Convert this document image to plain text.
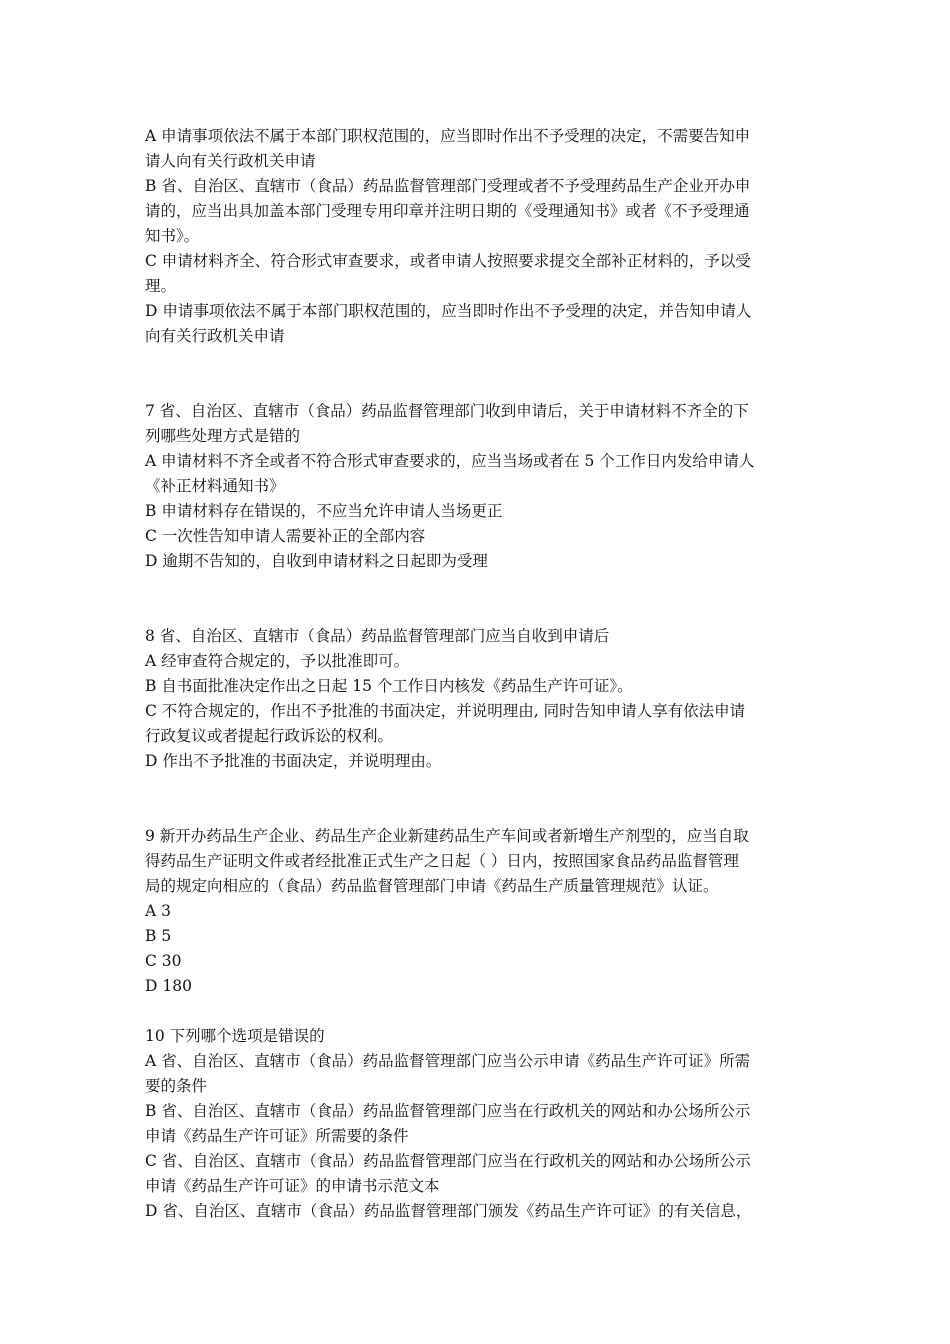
A 申请事项依法不属于本部门职权范围的，应当即时作出不予受理的决定，不需要告知申
请人向有关行政机关申请
B 省、自治区、直辖市（食品）药品监督管理部门受理或者不予受理药品生产企业开办申
请的，应当出具加盖本部门受理专用印章并注明日期的《受理通知书》或者《不予受理通
知书》。
C 申请材料齐全、符合形式审查要求，或者申请人按照要求提交全部补正材料的，予以受
理。
D 申请事项依法不属于本部门职权范围的，应当即时作出不予受理的决定，并告知申请人
向有关行政机关申请
7 省、自治区、直辖市（食品）药品监督管理部门收到申请后，关于申请材料不齐全的下
列哪些处理方式是错的
A 申请材料不齐全或者不符合形式审查要求的，应当当场或者在 5 个工作日内发给申请人
《补正材料通知书》
B 申请材料存在错误的，不应当允许申请人当场更正
C 一次性告知申请人需要补正的全部内容
D 逾期不告知的，自收到申请材料之日起即为受理
8 省、自治区、直辖市（食品）药品监督管理部门应当自收到申请后
A 经审查符合规定的，予以批准即可。
B 自书面批准决定作出之日起 15 个工作日内核发《药品生产许可证》。
C 不符合规定的，作出不予批准的书面决定，并说明理由, 同时告知申请人享有依法申请
行政复议或者提起行政诉讼的权利。
D 作出不予批准的书面决定，并说明理由。
9 新开办药品生产企业、药品生产企业新建药品生产车间或者新增生产剂型的，应当自取
得药品生产证明文件或者经批准正式生产之日起（ ）日内，按照国家食品药品监督管理
局的规定向相应的（食品）药品监督管理部门申请《药品生产质量管理规范》认证。
A 3
B 5
C 30
D 180
10 下列哪个选项是错误的
A 省、自治区、直辖市（食品）药品监督管理部门应当公示申请《药品生产许可证》所需
要的条件
B 省、自治区、直辖市（食品）药品监督管理部门应当在行政机关的网站和办公场所公示
申请《药品生产许可证》所需要的条件
C 省、自治区、直辖市（食品）药品监督管理部门应当在行政机关的网站和办公场所公示
申请《药品生产许可证》的申请书示范文本
D 省、自治区、直辖市（食品）药品监督管理部门颁发《药品生产许可证》的有关信息，
